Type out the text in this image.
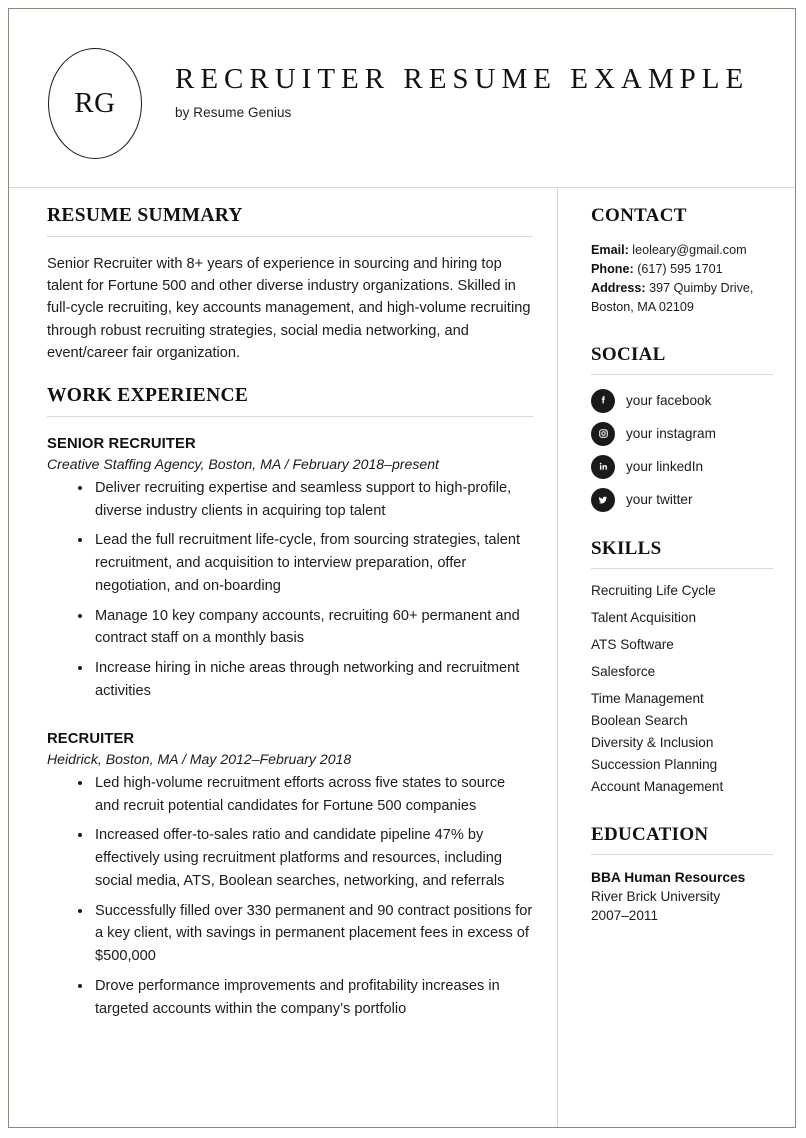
RG
RECRUITER RESUME EXAMPLE
by Resume Genius
RESUME SUMMARY
Senior Recruiter with 8+ years of experience in sourcing and hiring top talent for Fortune 500 and other diverse industry organizations. Skilled in full-cycle recruiting, key accounts management, and high-volume recruiting through robust recruiting strategies, social media networking, and event/career fair organization.
WORK EXPERIENCE
SENIOR RECRUITER
Creative Staffing Agency, Boston, MA / February 2018–present
Deliver recruiting expertise and seamless support to high-profile, diverse industry clients in acquiring top talent
Lead the full recruitment life-cycle, from sourcing strategies, talent recruitment, and acquisition to interview preparation, offer negotiation, and on-boarding
Manage 10 key company accounts, recruiting 60+ permanent and contract staff on a monthly basis
Increase hiring in niche areas through networking and recruitment activities
RECRUITER
Heidrick, Boston, MA / May 2012–February 2018
Led high-volume recruitment efforts across five states to source and recruit potential candidates for Fortune 500 companies
Increased offer-to-sales ratio and candidate pipeline 47% by effectively using recruitment platforms and resources, including social media, ATS, Boolean searches, networking, and referrals
Successfully filled over 330 permanent and 90 contract positions for a key client, with savings in permanent placement fees in excess of $500,000
Drove performance improvements and profitability increases in targeted accounts within the company’s portfolio
CONTACT
Email: leoleary@gmail.com
Phone: (617) 595 1701
Address: 397 Quimby Drive,
Boston, MA 02109
SOCIAL
your facebook
your instagram
your linkedIn
your twitter
SKILLS
Recruiting Life Cycle
Talent Acquisition
ATS Software
Salesforce
Time Management
Boolean Search
Diversity & Inclusion
Succession Planning
Account Management
EDUCATION
BBA Human Resources
River Brick University
2007–2011
